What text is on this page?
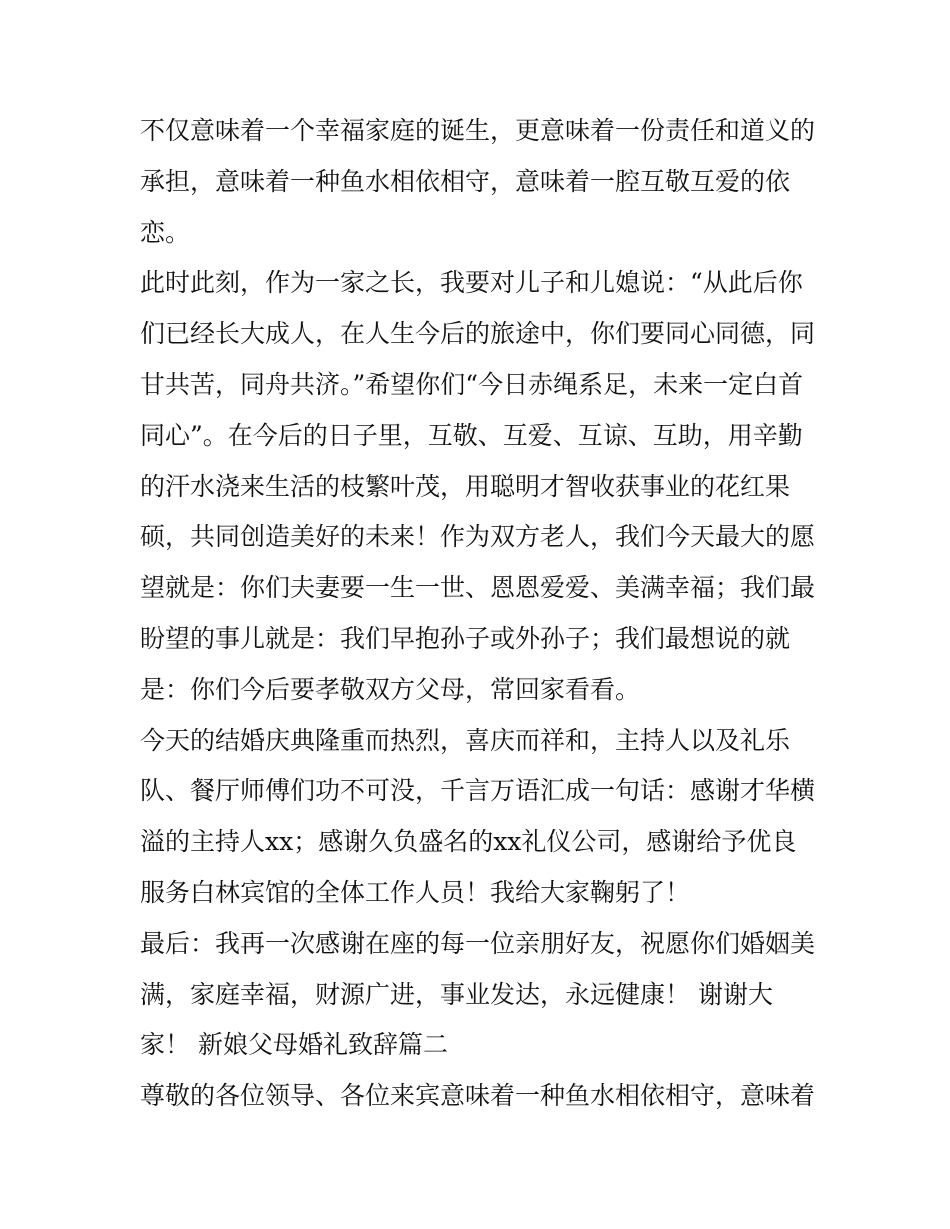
不仅意味着一个幸福家庭的诞生，更意味着一份责任和道义的
承担，意味着一种鱼水相依相守，意味着一腔互敬互爱的依
恋。
此时此刻，作为一家之长，我要对儿子和儿媳说：“从此后你
们已经长大成人，在人生今后的旅途中，你们要同心同德，同
甘共苦，同舟共济。”希望你们“今日赤绳系足，未来一定白首
同心”。在今后的日子里，互敬、互爱、互谅、互助，用辛勤
的汗水浇来生活的枝繁叶茂，用聪明才智收获事业的花红果
硕，共同创造美好的未来！作为双方老人，我们今天最大的愿
望就是：你们夫妻要一生一世、恩恩爱爱、美满幸福；我们最
盼望的事儿就是：我们早抱孙子或外孙子；我们最想说的就
是：你们今后要孝敬双方父母，常回家看看。
今天的结婚庆典隆重而热烈，喜庆而祥和，主持人以及礼乐
队、餐厅师傅们功不可没，千言万语汇成一句话：感谢才华横
溢的主持人xx；感谢久负盛名的xx礼仪公司，感谢给予优良
服务白林宾馆的全体工作人员！我给大家鞠躬了！
最后：我再一次感谢在座的每一位亲朋好友，祝愿你们婚姻美
满，家庭幸福，财源广进，事业发达，永远健康！ 谢谢大
家！ 新娘父母婚礼致辞篇二
尊敬的各位领导、各位来宾意味着一种鱼水相依相守，意味着
